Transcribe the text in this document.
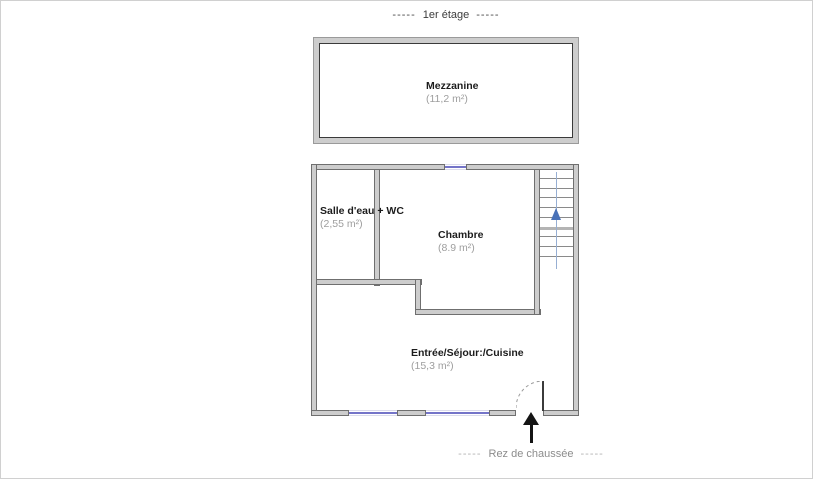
----- 1er étage -----
Mezzanine
(11,2 m²)
Salle d'eau + WC
(2,55 m²)
Chambre
(8.9 m²)
Entrée/Séjour:/Cuisine
(15,3 m²)
----- Rez de chaussée -----
